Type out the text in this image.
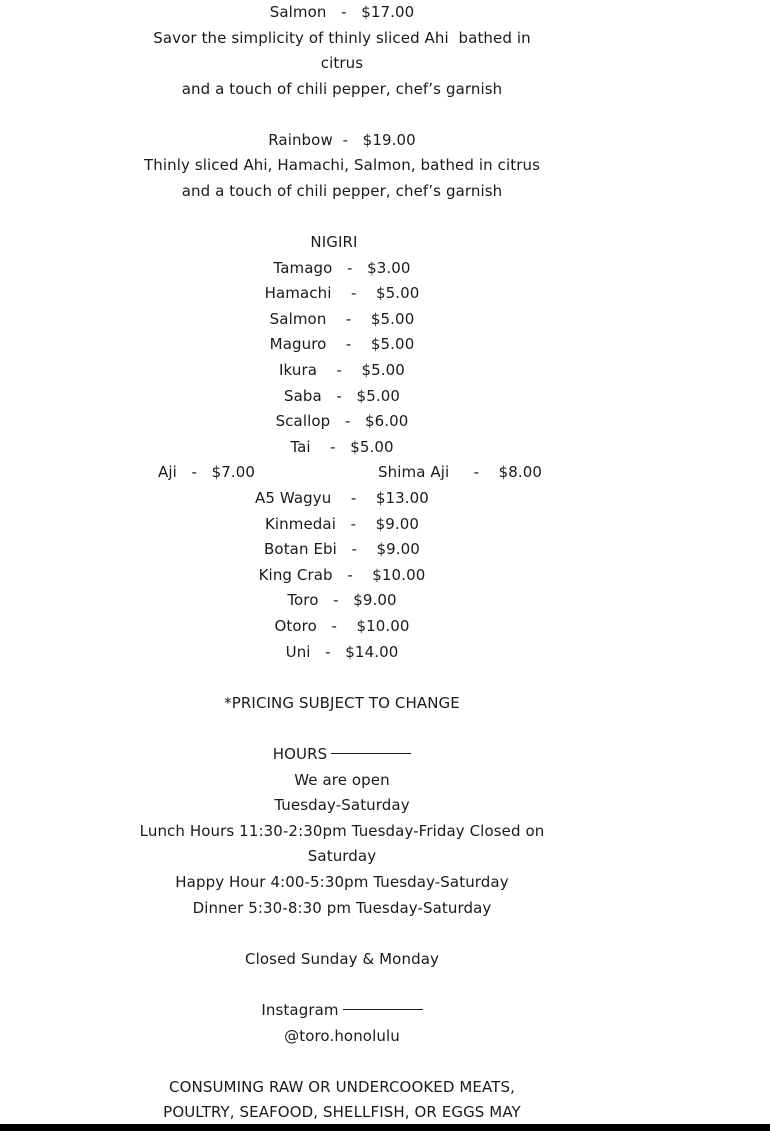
Salmon   -   $17.00
Savor the simplicity of thinly sliced Ahi  bathed in
citrus
and a touch of chili pepper, chef’s garnish
Rainbow  -   $19.00
Thinly sliced Ahi, Hamachi, Salmon, bathed in citrus
and a touch of chili pepper, chef’s garnish
NIGIRI
Tamago   -   $3.00
Hamachi    -    $5.00
Salmon    -    $5.00
Maguro    -    $5.00
Ikura    -    $5.00
Saba   -   $5.00
Scallop   -   $6.00
Tai    -   $5.00
Aji   -   $7.00	Shima Aji     -    $8.00
A5 Wagyu    -    $13.00
Kinmedai   -    $9.00
Botan Ebi   -    $9.00
King Crab   -    $10.00
Toro   -   $9.00
Otoro   -    $10.00
Uni   -   $14.00
*PRICING SUBJECT TO CHANGE
HOURS
We are open
Tuesday-Saturday
Lunch Hours 11:30-2:30pm Tuesday-Friday Closed on
Saturday
Happy Hour 4:00-5:30pm Tuesday-Saturday
Dinner 5:30-8:30 pm Tuesday-Saturday
Closed Sunday & Monday
Instagram
@toro.honolulu
CONSUMING RAW OR UNDERCOOKED MEATS,
POULTRY, SEAFOOD, SHELLFISH, OR EGGS MAY
